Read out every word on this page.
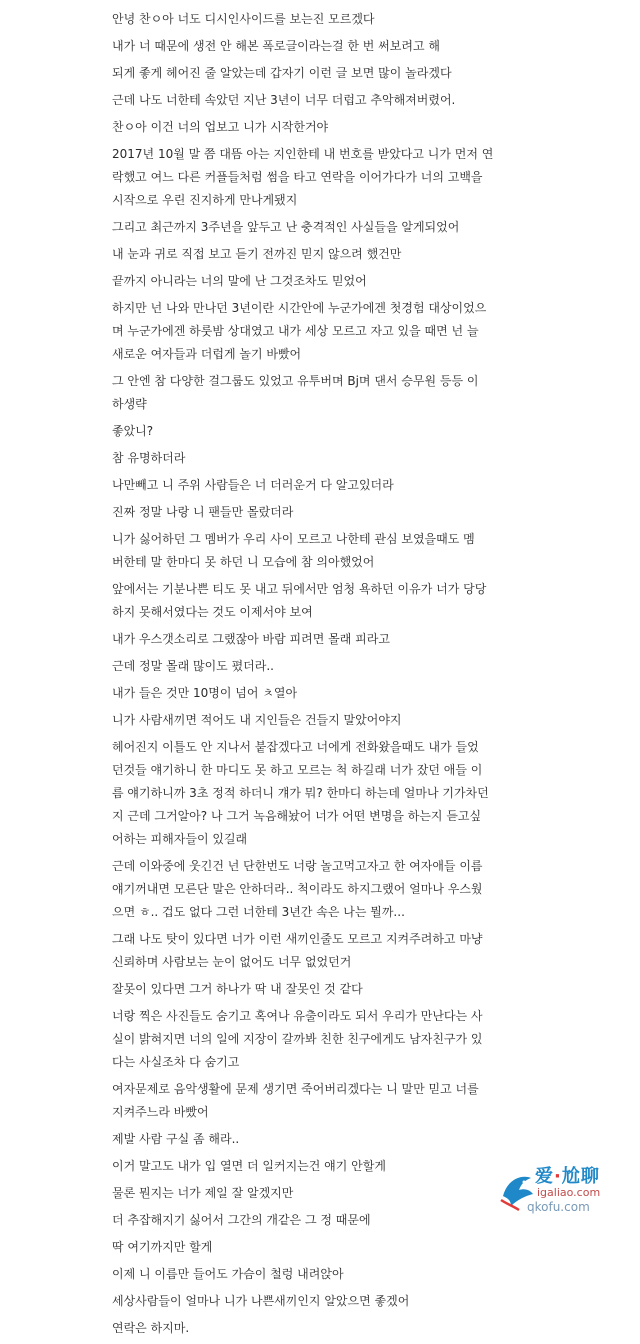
안녕 찬ㅇ아 너도 디시인사이드를 보는진 모르겠다

내가 너 때문에 생전 안 해본 폭로글이라는걸 한 번 써보려고 해

되게 좋게 헤어진 줄 알았는데 갑자기 이런 글 보면 많이 놀라겠다

근데 나도 너한테 속았던 지난 3년이 너무 더럽고 추악해져버렸어.

찬ㅇ아 이건 너의 업보고 니가 시작한거야

2017년 10월 말 쯤 대뜸 아는 지인한테 내 번호를 받았다고 니가 먼저 연
락했고 여느 다른 커플들처럼 썸을 타고 연락을 이어가다가 너의 고백을
시작으로 우린 진지하게 만나게됐지

그리고 최근까지 3주년을 앞두고 난 충격적인 사실들을 알게되었어

내 눈과 귀로 직접 보고 듣기 전까진 믿지 않으려 했건만

끝까지 아니라는 너의 말에 난 그것조차도 믿었어

하지만 넌 나와 만나던 3년이란 시간안에 누군가에겐 첫경험 대상이었으
며 누군가에겐 하룻밤 상대였고 내가 세상 모르고 자고 있을 때면 넌 늘
새로운 여자들과 더럽게 놀기 바빴어

그 안엔 참 다양한 걸그룹도 있었고 유투버며 Bj며 댄서 승무원 등등 이
하생략

좋았니?

참 유명하더라

나만빼고 니 주위 사람들은 너 더러운거 다 알고있더라

진짜 정말 나랑 니 팬들만 몰랐더라

니가 싫어하던 그 멤버가 우리 사이 모르고 나한테 관심 보였을때도 멤
버한테 말 한마디 못 하던 니 모습에 참 의아했었어

앞에서는 기분나쁜 티도 못 내고 뒤에서만 엄청 욕하던 이유가 너가 당당
하지 못해서였다는 것도 이제서야 보여

내가 우스갯소리로 그랬잖아 바람 피려면 몰래 피라고

근데 정말 몰래 많이도 폈더라..

내가 들은 것만 10명이 넘어 ㅊ열아

니가 사람새끼면 적어도 내 지인들은 건들지 말았어야지

헤어진지 이틀도 안 지나서 붙잡겠다고 너에게 전화왔을때도 내가 들었
던것들 얘기하니 한 마디도 못 하고 모르는 척 하길래 너가 잤던 애들 이
름 얘기하니까 3초 정적 하더니 걔가 뭐? 한마디 하는데 얼마나 기가차던
지 근데 그거알아? 나 그거 녹음해놨어 너가 어떤 변명을 하는지 듣고싶
어하는 피해자들이 있길래

근데 이와중에 웃긴건 넌 단한번도 너랑 놀고먹고자고 한 여자애들 이름
얘기꺼내면 모른단 말은 안하더라.. 척이라도 하지그랬어 얼마나 우스웠
으면 ㅎ.. 겁도 없다 그런 너한테 3년간 속은 나는 뭘까...

그래 나도 탓이 있다면 너가 이런 새끼인줄도 모르고 지켜주려하고 마냥
신뢰하며 사람보는 눈이 없어도 너무 없었던거

잘못이 있다면 그거 하나가 딱 내 잘못인 것 같다

너랑 찍은 사진들도 숨기고 혹여나 유출이라도 되서 우리가 만난다는 사
실이 밝혀지면 너의 일에 지장이 갈까봐 친한 친구에게도 남자친구가 있
다는 사실조차 다 숨기고

여자문제로 음악생활에 문제 생기면 죽어버리겠다는 니 말만 믿고 너를
지켜주느라 바빴어

제발 사람 구실 좀 해라..

이거 말고도 내가 입 열면 더 일커지는건 얘기 안할게

물론 뭔지는 너가 제일 잘 알겠지만

더 추잡해지기 싫어서 그간의 개같은 그 정 때문에

딱 여기까지만 할게

이제 니 이름만 들어도 가슴이 철렁 내려앉아

세상사람들이 얼마나 니가 나쁜새끼인지 알았으면 좋겠어

연락은 하지마.

爱·尬聊
igaliao.com
qkofu.com
